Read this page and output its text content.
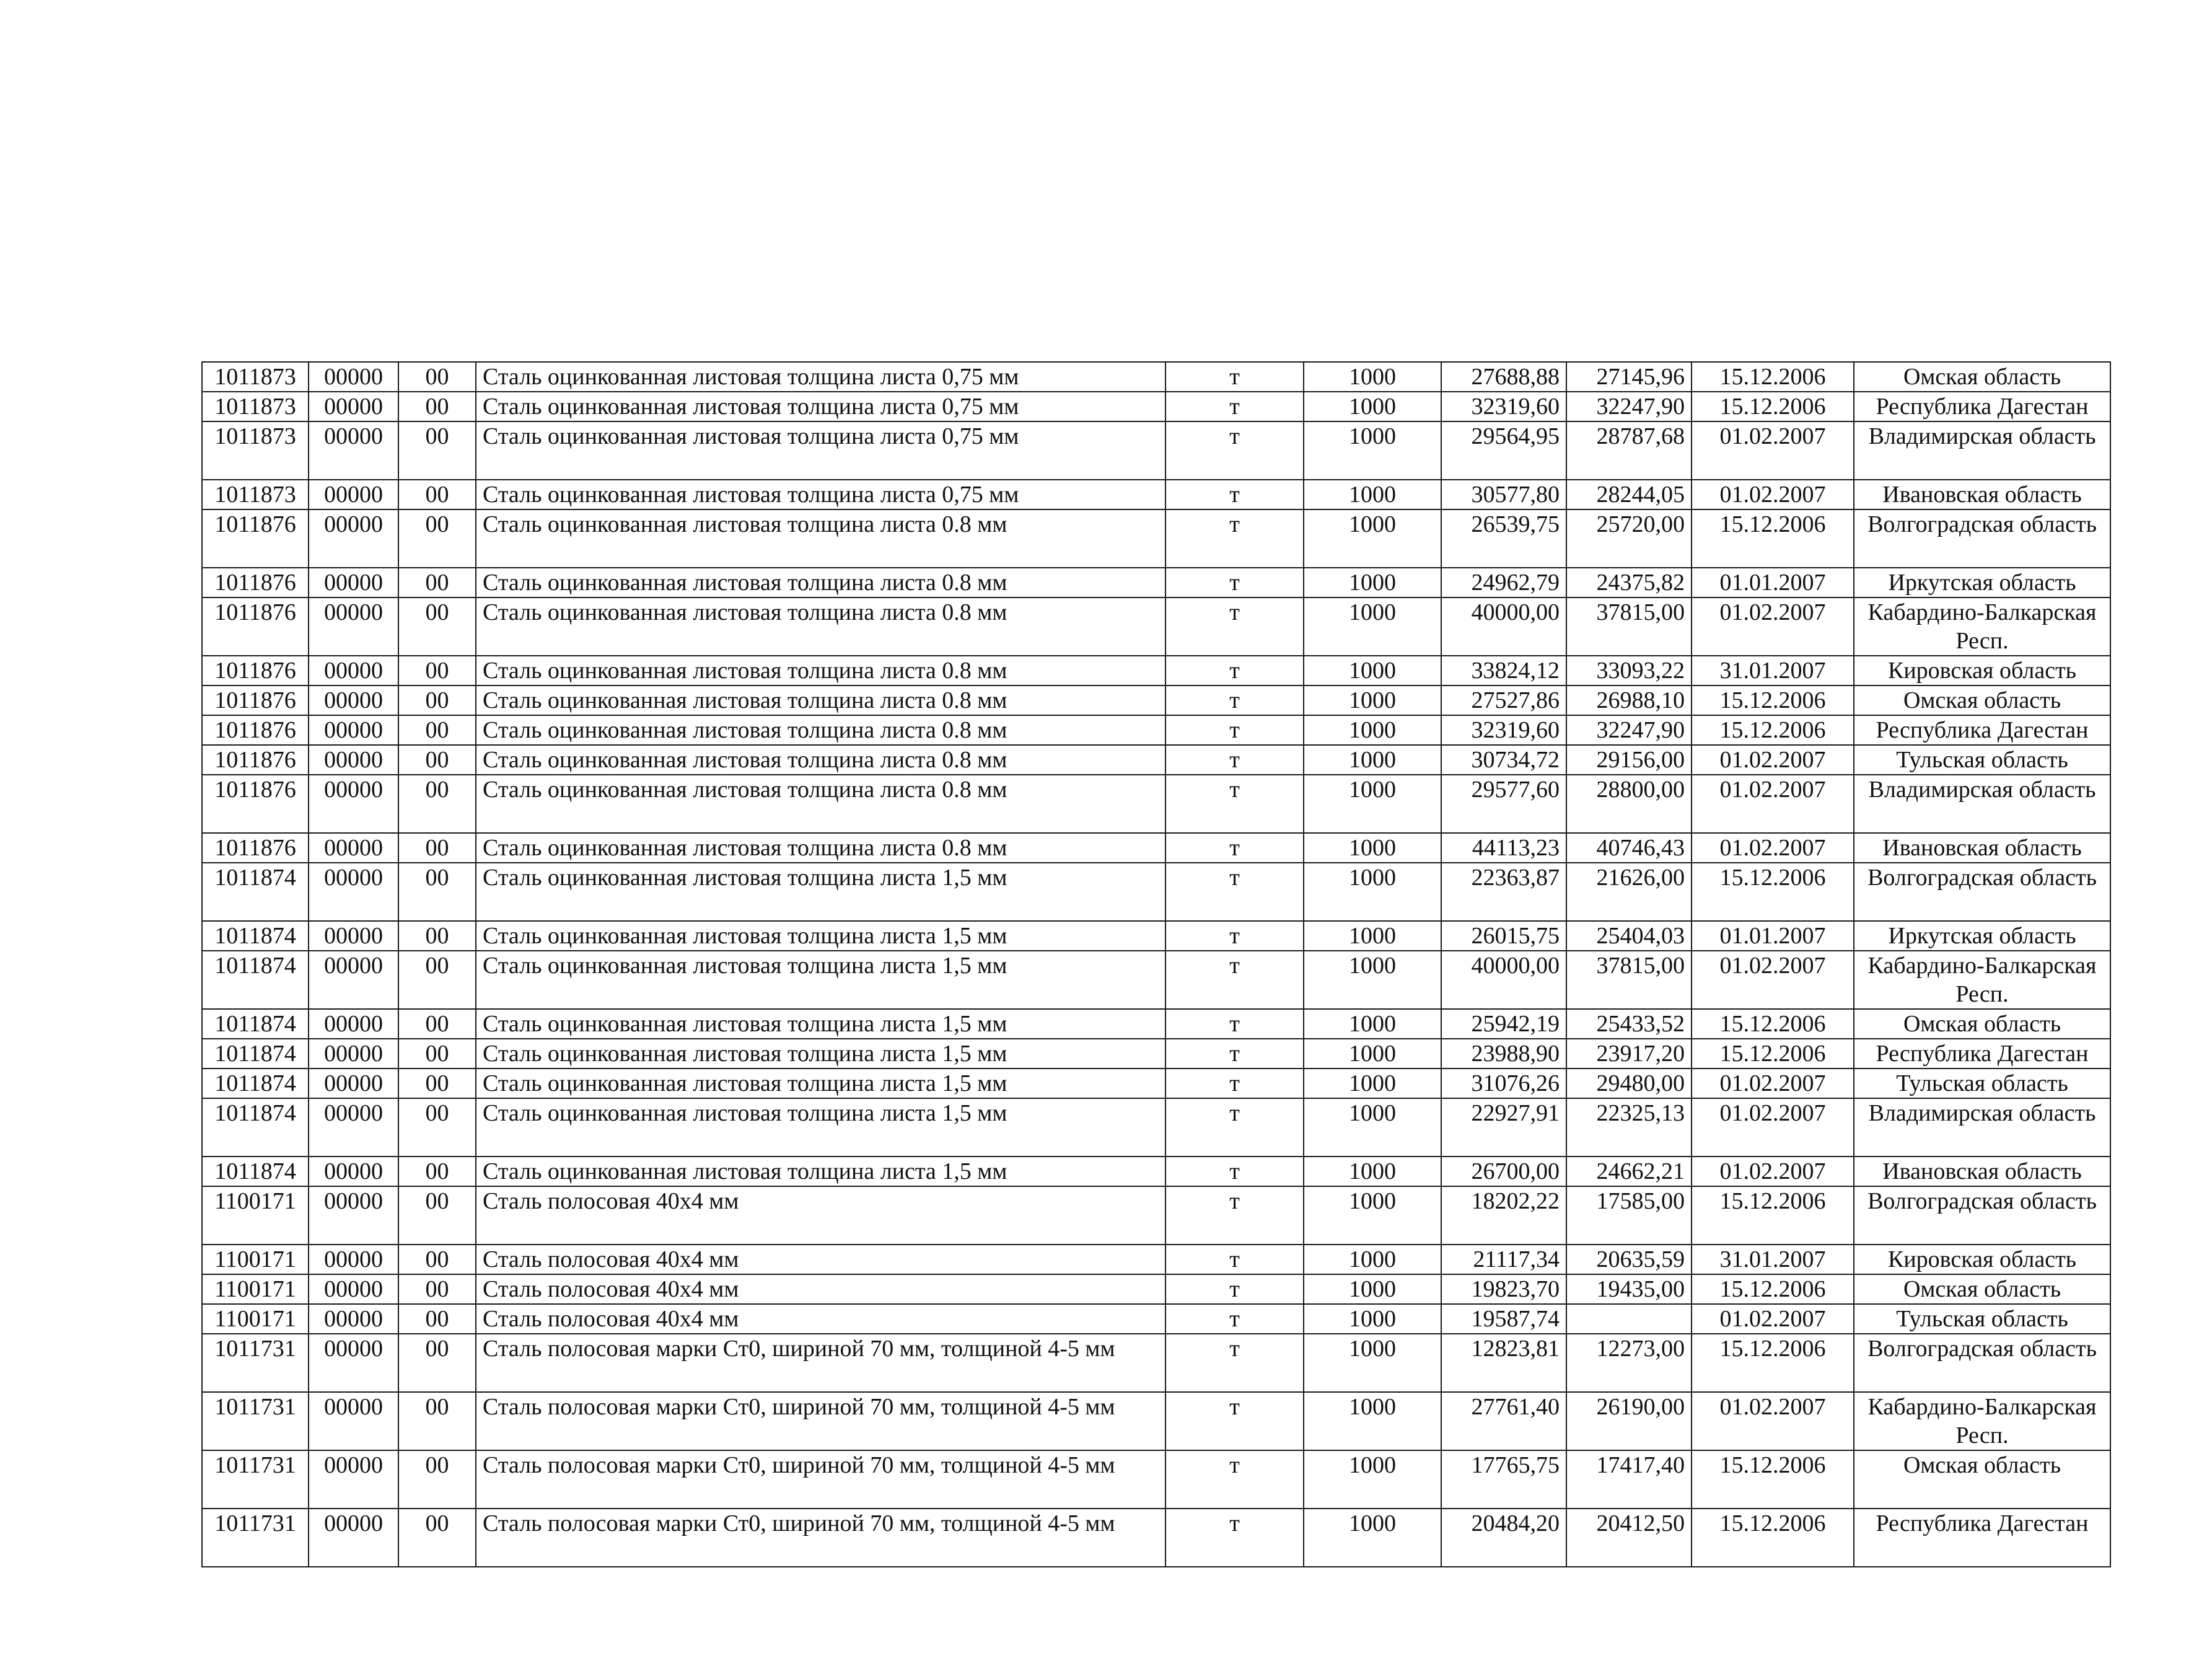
1011873	00000	00	Сталь оцинкованная листовая толщина листа 0,75 мм	т	1000	27688,88	27145,96	15.12.2006	Омская область
1011873	00000	00	Сталь оцинкованная листовая толщина листа 0,75 мм	т	1000	32319,60	32247,90	15.12.2006	Республика Дагестан
1011873	00000	00	Сталь оцинкованная листовая толщина листа 0,75 мм	т	1000	29564,95	28787,68	01.02.2007	Владимирская область
1011873	00000	00	Сталь оцинкованная листовая толщина листа 0,75 мм	т	1000	30577,80	28244,05	01.02.2007	Ивановская область
1011876	00000	00	Сталь оцинкованная листовая толщина листа 0.8 мм	т	1000	26539,75	25720,00	15.12.2006	Волгоградская область
1011876	00000	00	Сталь оцинкованная листовая толщина листа 0.8 мм	т	1000	24962,79	24375,82	01.01.2007	Иркутская область
1011876	00000	00	Сталь оцинкованная листовая толщина листа 0.8 мм	т	1000	40000,00	37815,00	01.02.2007	Кабардино-Балкарская Респ.
1011876	00000	00	Сталь оцинкованная листовая толщина листа 0.8 мм	т	1000	33824,12	33093,22	31.01.2007	Кировская область
1011876	00000	00	Сталь оцинкованная листовая толщина листа 0.8 мм	т	1000	27527,86	26988,10	15.12.2006	Омская область
1011876	00000	00	Сталь оцинкованная листовая толщина листа 0.8 мм	т	1000	32319,60	32247,90	15.12.2006	Республика Дагестан
1011876	00000	00	Сталь оцинкованная листовая толщина листа 0.8 мм	т	1000	30734,72	29156,00	01.02.2007	Тульская область
1011876	00000	00	Сталь оцинкованная листовая толщина листа 0.8 мм	т	1000	29577,60	28800,00	01.02.2007	Владимирская область
1011876	00000	00	Сталь оцинкованная листовая толщина листа 0.8 мм	т	1000	44113,23	40746,43	01.02.2007	Ивановская область
1011874	00000	00	Сталь оцинкованная листовая толщина листа 1,5 мм	т	1000	22363,87	21626,00	15.12.2006	Волгоградская область
1011874	00000	00	Сталь оцинкованная листовая толщина листа 1,5 мм	т	1000	26015,75	25404,03	01.01.2007	Иркутская область
1011874	00000	00	Сталь оцинкованная листовая толщина листа 1,5 мм	т	1000	40000,00	37815,00	01.02.2007	Кабардино-Балкарская Респ.
1011874	00000	00	Сталь оцинкованная листовая толщина листа 1,5 мм	т	1000	25942,19	25433,52	15.12.2006	Омская область
1011874	00000	00	Сталь оцинкованная листовая толщина листа 1,5 мм	т	1000	23988,90	23917,20	15.12.2006	Республика Дагестан
1011874	00000	00	Сталь оцинкованная листовая толщина листа 1,5 мм	т	1000	31076,26	29480,00	01.02.2007	Тульская область
1011874	00000	00	Сталь оцинкованная листовая толщина листа 1,5 мм	т	1000	22927,91	22325,13	01.02.2007	Владимирская область
1011874	00000	00	Сталь оцинкованная листовая толщина листа 1,5 мм	т	1000	26700,00	24662,21	01.02.2007	Ивановская область
1100171	00000	00	Сталь полосовая 40х4 мм	т	1000	18202,22	17585,00	15.12.2006	Волгоградская область
1100171	00000	00	Сталь полосовая 40х4 мм	т	1000	21117,34	20635,59	31.01.2007	Кировская область
1100171	00000	00	Сталь полосовая 40х4 мм	т	1000	19823,70	19435,00	15.12.2006	Омская область
1100171	00000	00	Сталь полосовая 40х4 мм	т	1000	19587,74		01.02.2007	Тульская область
1011731	00000	00	Сталь полосовая марки Ст0, шириной 70 мм, толщиной 4-5 мм	т	1000	12823,81	12273,00	15.12.2006	Волгоградская область
1011731	00000	00	Сталь полосовая марки Ст0, шириной 70 мм, толщиной 4-5 мм	т	1000	27761,40	26190,00	01.02.2007	Кабардино-Балкарская Респ.
1011731	00000	00	Сталь полосовая марки Ст0, шириной 70 мм, толщиной 4-5 мм	т	1000	17765,75	17417,40	15.12.2006	Омская область
1011731	00000	00	Сталь полосовая марки Ст0, шириной 70 мм, толщиной 4-5 мм	т	1000	20484,20	20412,50	15.12.2006	Республика Дагестан
